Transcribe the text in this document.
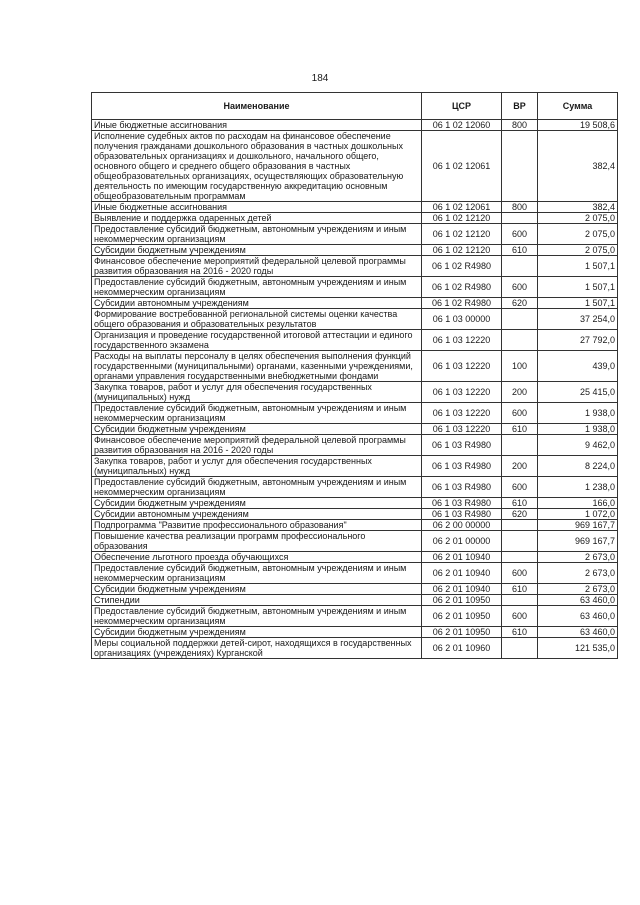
184
Наименование	ЦСР	ВР	Сумма
Иные бюджетные ассигнования	06 1 02 12060	800	19 508,6
Исполнение судебных актов по расходам на финансовое обеспечение получения гражданами дошкольного образования в частных дошкольных образовательных организациях и дошкольного, начального общего, основного общего и среднего общего образования в частных общеобразовательных организациях, осуществляющих образовательную деятельность по имеющим государственную аккредитацию основным общеобразовательным программам	06 1 02 12061		382,4
Иные бюджетные ассигнования	06 1 02 12061	800	382,4
Выявление и поддержка одаренных детей	06 1 02 12120		2 075,0
Предоставление субсидий бюджетным, автономным учреждениям и иным некоммерческим организациям	06 1 02 12120	600	2 075,0
Субсидии бюджетным учреждениям	06 1 02 12120	610	2 075,0
Финансовое обеспечение мероприятий федеральной целевой программы развития образования на 2016 - 2020 годы	06 1 02 R4980		1 507,1
Предоставление субсидий бюджетным, автономным учреждениям и иным некоммерческим организациям	06 1 02 R4980	600	1 507,1
Субсидии автономным учреждениям	06 1 02 R4980	620	1 507,1
Формирование востребованной региональной системы оценки качества общего образования и образовательных результатов	06 1 03 00000		37 254,0
Организация и проведение государственной итоговой аттестации и единого государственного экзамена	06 1 03 12220		27 792,0
Расходы на выплаты персоналу в целях обеспечения выполнения функций государственными (муниципальными) органами, казенными учреждениями, органами управления государственными внебюджетными фондами	06 1 03 12220	100	439,0
Закупка товаров, работ и услуг для обеспечения государственных (муниципальных) нужд	06 1 03 12220	200	25 415,0
Предоставление субсидий бюджетным, автономным учреждениям и иным некоммерческим организациям	06 1 03 12220	600	1 938,0
Субсидии бюджетным учреждениям	06 1 03 12220	610	1 938,0
Финансовое обеспечение мероприятий федеральной целевой программы развития образования на 2016 - 2020 годы	06 1 03 R4980		9 462,0
Закупка товаров, работ и услуг для обеспечения государственных (муниципальных) нужд	06 1 03 R4980	200	8 224,0
Предоставление субсидий бюджетным, автономным учреждениям и иным некоммерческим организациям	06 1 03 R4980	600	1 238,0
Субсидии бюджетным учреждениям	06 1 03 R4980	610	166,0
Субсидии автономным учреждениям	06 1 03 R4980	620	1 072,0
Подпрограмма "Развитие профессионального образования"	06 2 00 00000		969 167,7
Повышение качества реализации программ профессионального образования	06 2 01 00000		969 167,7
Обеспечение льготного проезда обучающихся	06 2 01 10940		2 673,0
Предоставление субсидий бюджетным, автономным учреждениям и иным некоммерческим организациям	06 2 01 10940	600	2 673,0
Субсидии бюджетным учреждениям	06 2 01 10940	610	2 673,0
Стипендии	06 2 01 10950		63 460,0
Предоставление субсидий бюджетным, автономным учреждениям и иным некоммерческим организациям	06 2 01 10950	600	63 460,0
Субсидии бюджетным учреждениям	06 2 01 10950	610	63 460,0
Меры социальной поддержки детей-сирот, находящихся в государственных организациях (учреждениях) Курганской	06 2 01 10960		121 535,0
